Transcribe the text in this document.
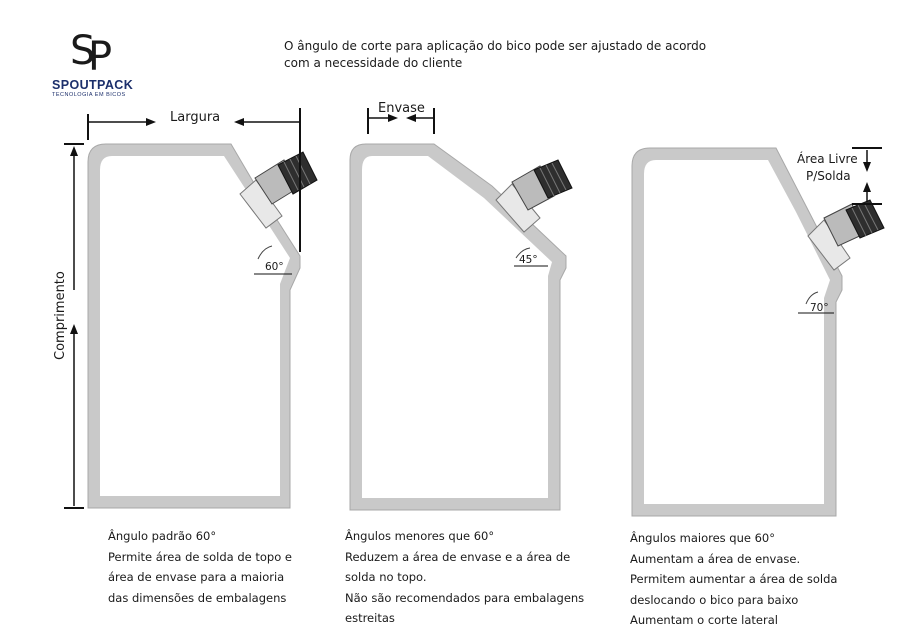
S
P
SPOUTPACK
TECNOLOGIA EM BICOS
O ângulo de corte para aplicação do bico pode ser ajustado de acordo
com a necessidade do cliente
Largura
Comprimento
60°
Envase
45°
Área Livre
P/Solda
70°
Ângulo padrão 60°
Permite área de solda de topo e
área de envase para a maioria
das dimensões de embalagens
Ângulos menores que 60°
Reduzem a área de envase e a área de
solda no topo.
Não são recomendados para embalagens
estreitas
Ângulos maiores que 60°
Aumentam a área de envase.
Permitem aumentar a área de solda
deslocando o bico para baixo
Aumentam o corte lateral
